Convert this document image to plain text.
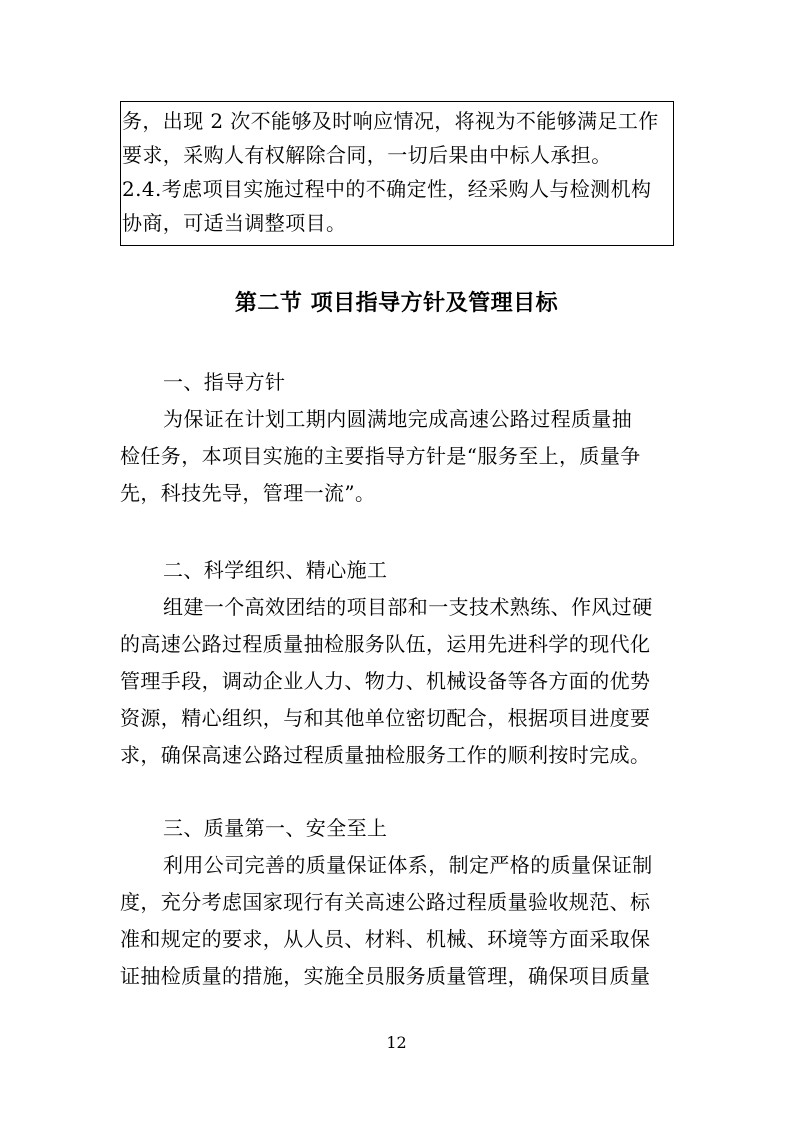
务，出现 2 次不能够及时响应情况，将视为不能够满足工作
要求，采购人有权解除合同，一切后果由中标人承担。
2.4.考虑项目实施过程中的不确定性，经采购人与检测机构
协商，可适当调整项目。
第二节 项目指导方针及管理目标
一、指导方针
为保证在计划工期内圆满地完成高速公路过程质量抽
检任务，本项目实施的主要指导方针是“服务至上，质量争
先，科技先导，管理一流”。
二、科学组织、精心施工
组建一个高效团结的项目部和一支技术熟练、作风过硬
的高速公路过程质量抽检服务队伍，运用先进科学的现代化
管理手段，调动企业人力、物力、机械设备等各方面的优势
资源，精心组织，与和其他单位密切配合，根据项目进度要
求，确保高速公路过程质量抽检服务工作的顺利按时完成。
三、质量第一、安全至上
利用公司完善的质量保证体系，制定严格的质量保证制
度，充分考虑国家现行有关高速公路过程质量验收规范、标
准和规定的要求，从人员、材料、机械、环境等方面采取保
证抽检质量的措施，实施全员服务质量管理，确保项目质量
12
